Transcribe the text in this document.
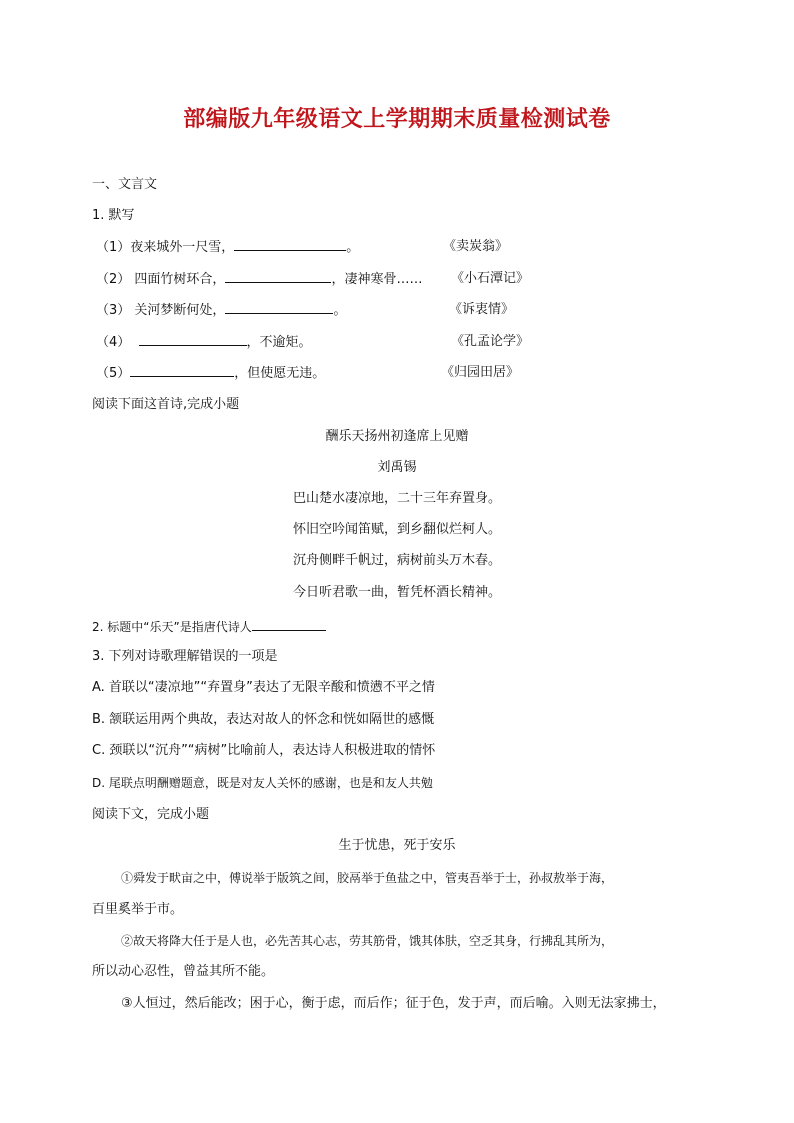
部编版九年级语文上学期期末质量检测试卷
一、文言文
1. 默写
（1）夜来城外一尺雪，	。	《卖炭翁》
（2） 四面竹树环合，	，凄神寒骨…… 《小石潭记》
（3） 关河梦断何处，	。	《诉衷情》
（4）	，不逾矩。	《孔孟论学》
（5）	，但使愿无违。	《归园田居》
阅读下面这首诗,完成小题
酬乐天扬州初逢席上见赠
刘禹锡
巴山楚水凄凉地，二十三年弃置身。
怀旧空吟闻笛赋，到乡翻似烂柯人。
沉舟侧畔千帆过，病树前头万木春。
今日听君歌一曲，暂凭杯酒长精神。
2. 标题中“乐天”是指唐代诗人
3. 下列对诗歌理解错误的一项是
A. 首联以“凄凉地”“弃置身”表达了无限辛酸和愤懑不平之情
B. 颔联运用两个典故，表达对故人的怀念和恍如隔世的感慨
C. 颈联以“沉舟”“病树”比喻前人，表达诗人积极进取的情怀
D. 尾联点明酬赠题意，既是对友人关怀的感谢，也是和友人共勉
阅读下文，完成小题
生于忧患，死于安乐
①舜发于畎亩之中，傅说举于版筑之间，胶鬲举于鱼盐之中，管夷吾举于士，孙叔敖举于海，
百里奚举于市。
②故天将降大任于是人也，必先苦其心志，劳其筋骨，饿其体肤，空乏其身，行拂乱其所为，
所以动心忍性，曾益其所不能。
③人恒过，然后能改；困于心，衡于虑，而后作；征于色，发于声，而后喻。入则无法家拂士，
